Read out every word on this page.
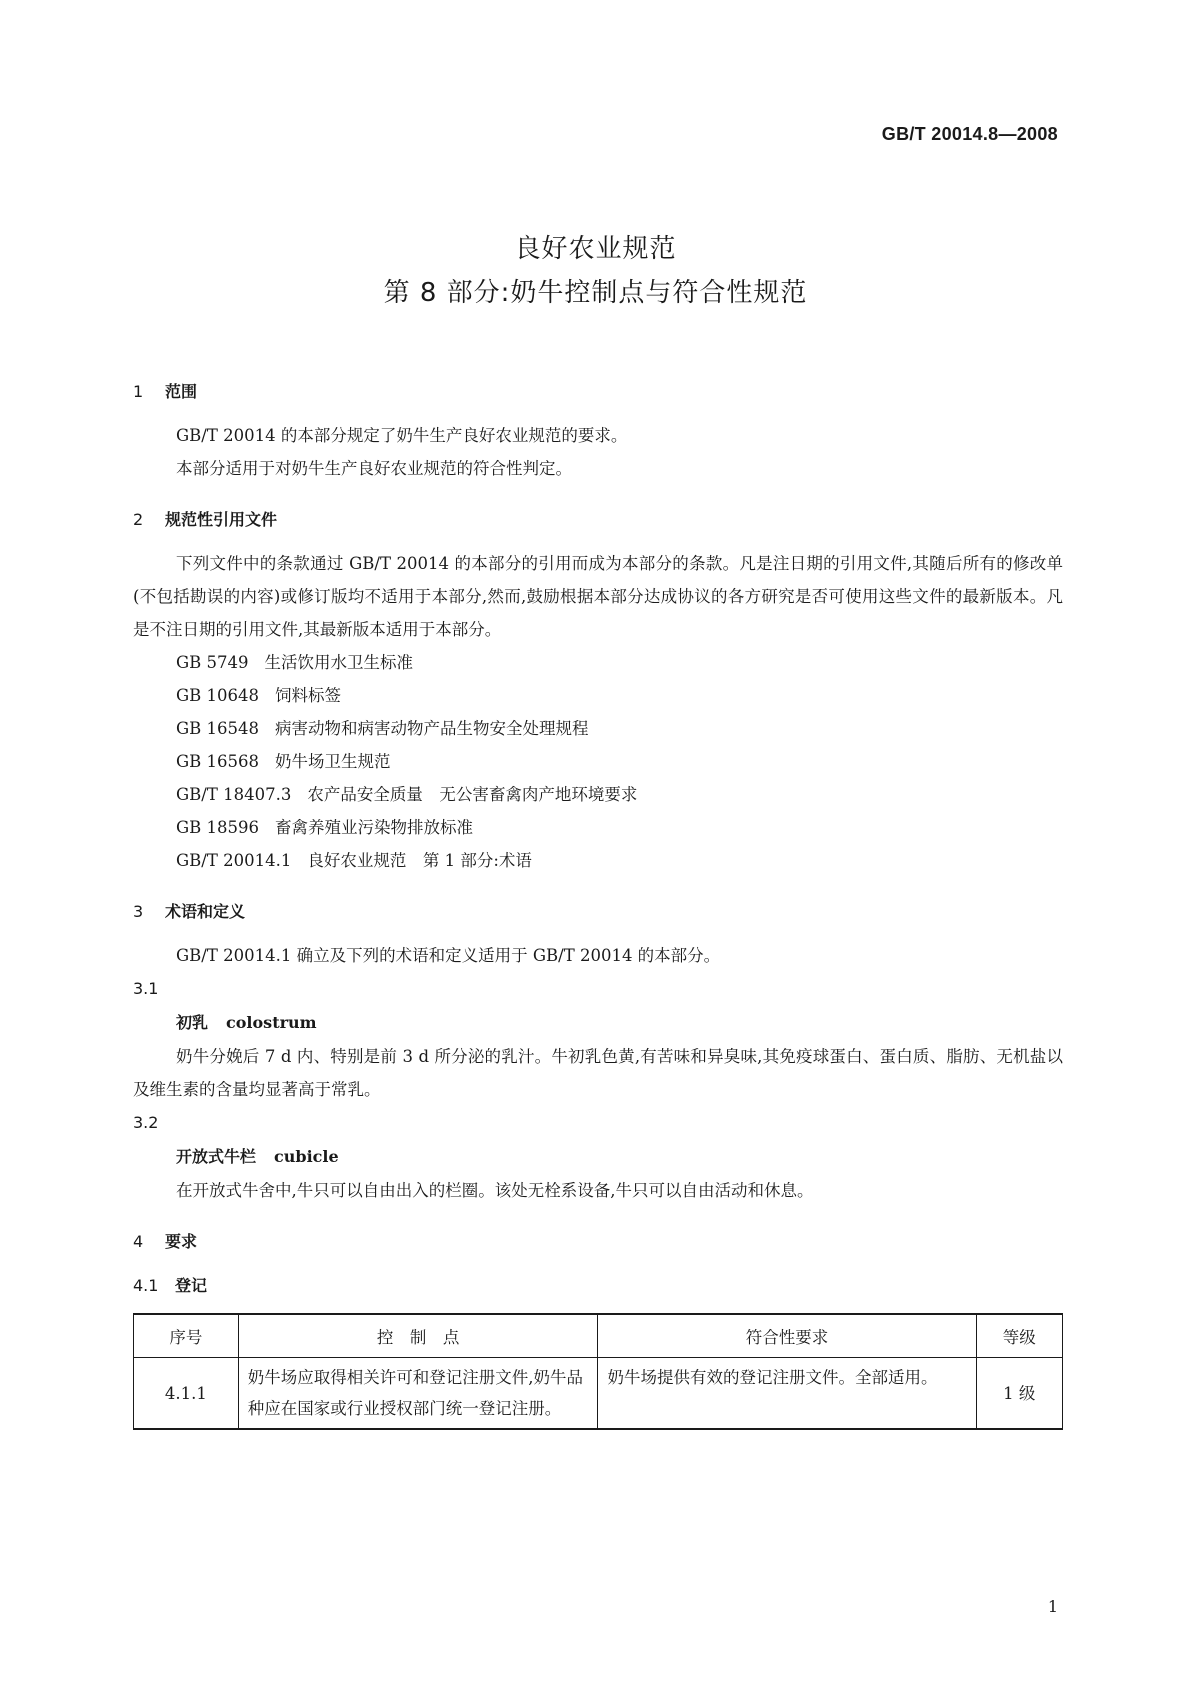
GB/T 20014.8—2008
良好农业规范
第 8 部分:奶牛控制点与符合性规范
1 范围

GB/T 20014 的本部分规定了奶牛生产良好农业规范的要求。

本部分适用于对奶牛生产良好农业规范的符合性判定。

2 规范性引用文件

下列文件中的条款通过 GB/T 20014 的本部分的引用而成为本部分的条款。凡是注日期的引用文件,其随后所有的修改单(不包括勘误的内容)或修订版均不适用于本部分,然而,鼓励根据本部分达成协议的各方研究是否可使用这些文件的最新版本。凡是不注日期的引用文件,其最新版本适用于本部分。

GB 5749 生活饮用水卫生标准
GB 10648 饲料标签
GB 16548 病害动物和病害动物产品生物安全处理规程
GB 16568 奶牛场卫生规范
GB/T 18407.3 农产品安全质量　无公害畜禽肉产地环境要求
GB 18596 畜禽养殖业污染物排放标准
GB/T 20014.1 良好农业规范　第 1 部分:术语
3 术语和定义

GB/T 20014.1 确立及下列的术语和定义适用于 GB/T 20014 的本部分。

3.1

初乳 colostrum

奶牛分娩后 7 d 内、特别是前 3 d 所分泌的乳汁。牛初乳色黄,有苦味和异臭味,其免疫球蛋白、蛋白质、脂肪、无机盐以及维生素的含量均显著高于常乳。

3.2

开放式牛栏 cubicle

在开放式牛舍中,牛只可以自由出入的栏圈。该处无栓系设备,牛只可以自由活动和休息。

4 要求
4.1 登记
序号	控　制　点	符合性要求	等级
4.1.1	奶牛场应取得相关许可和登记注册文件,奶牛品种应在国家或行业授权部门统一登记注册。	奶牛场提供有效的登记注册文件。全部适用。	1 级
1
